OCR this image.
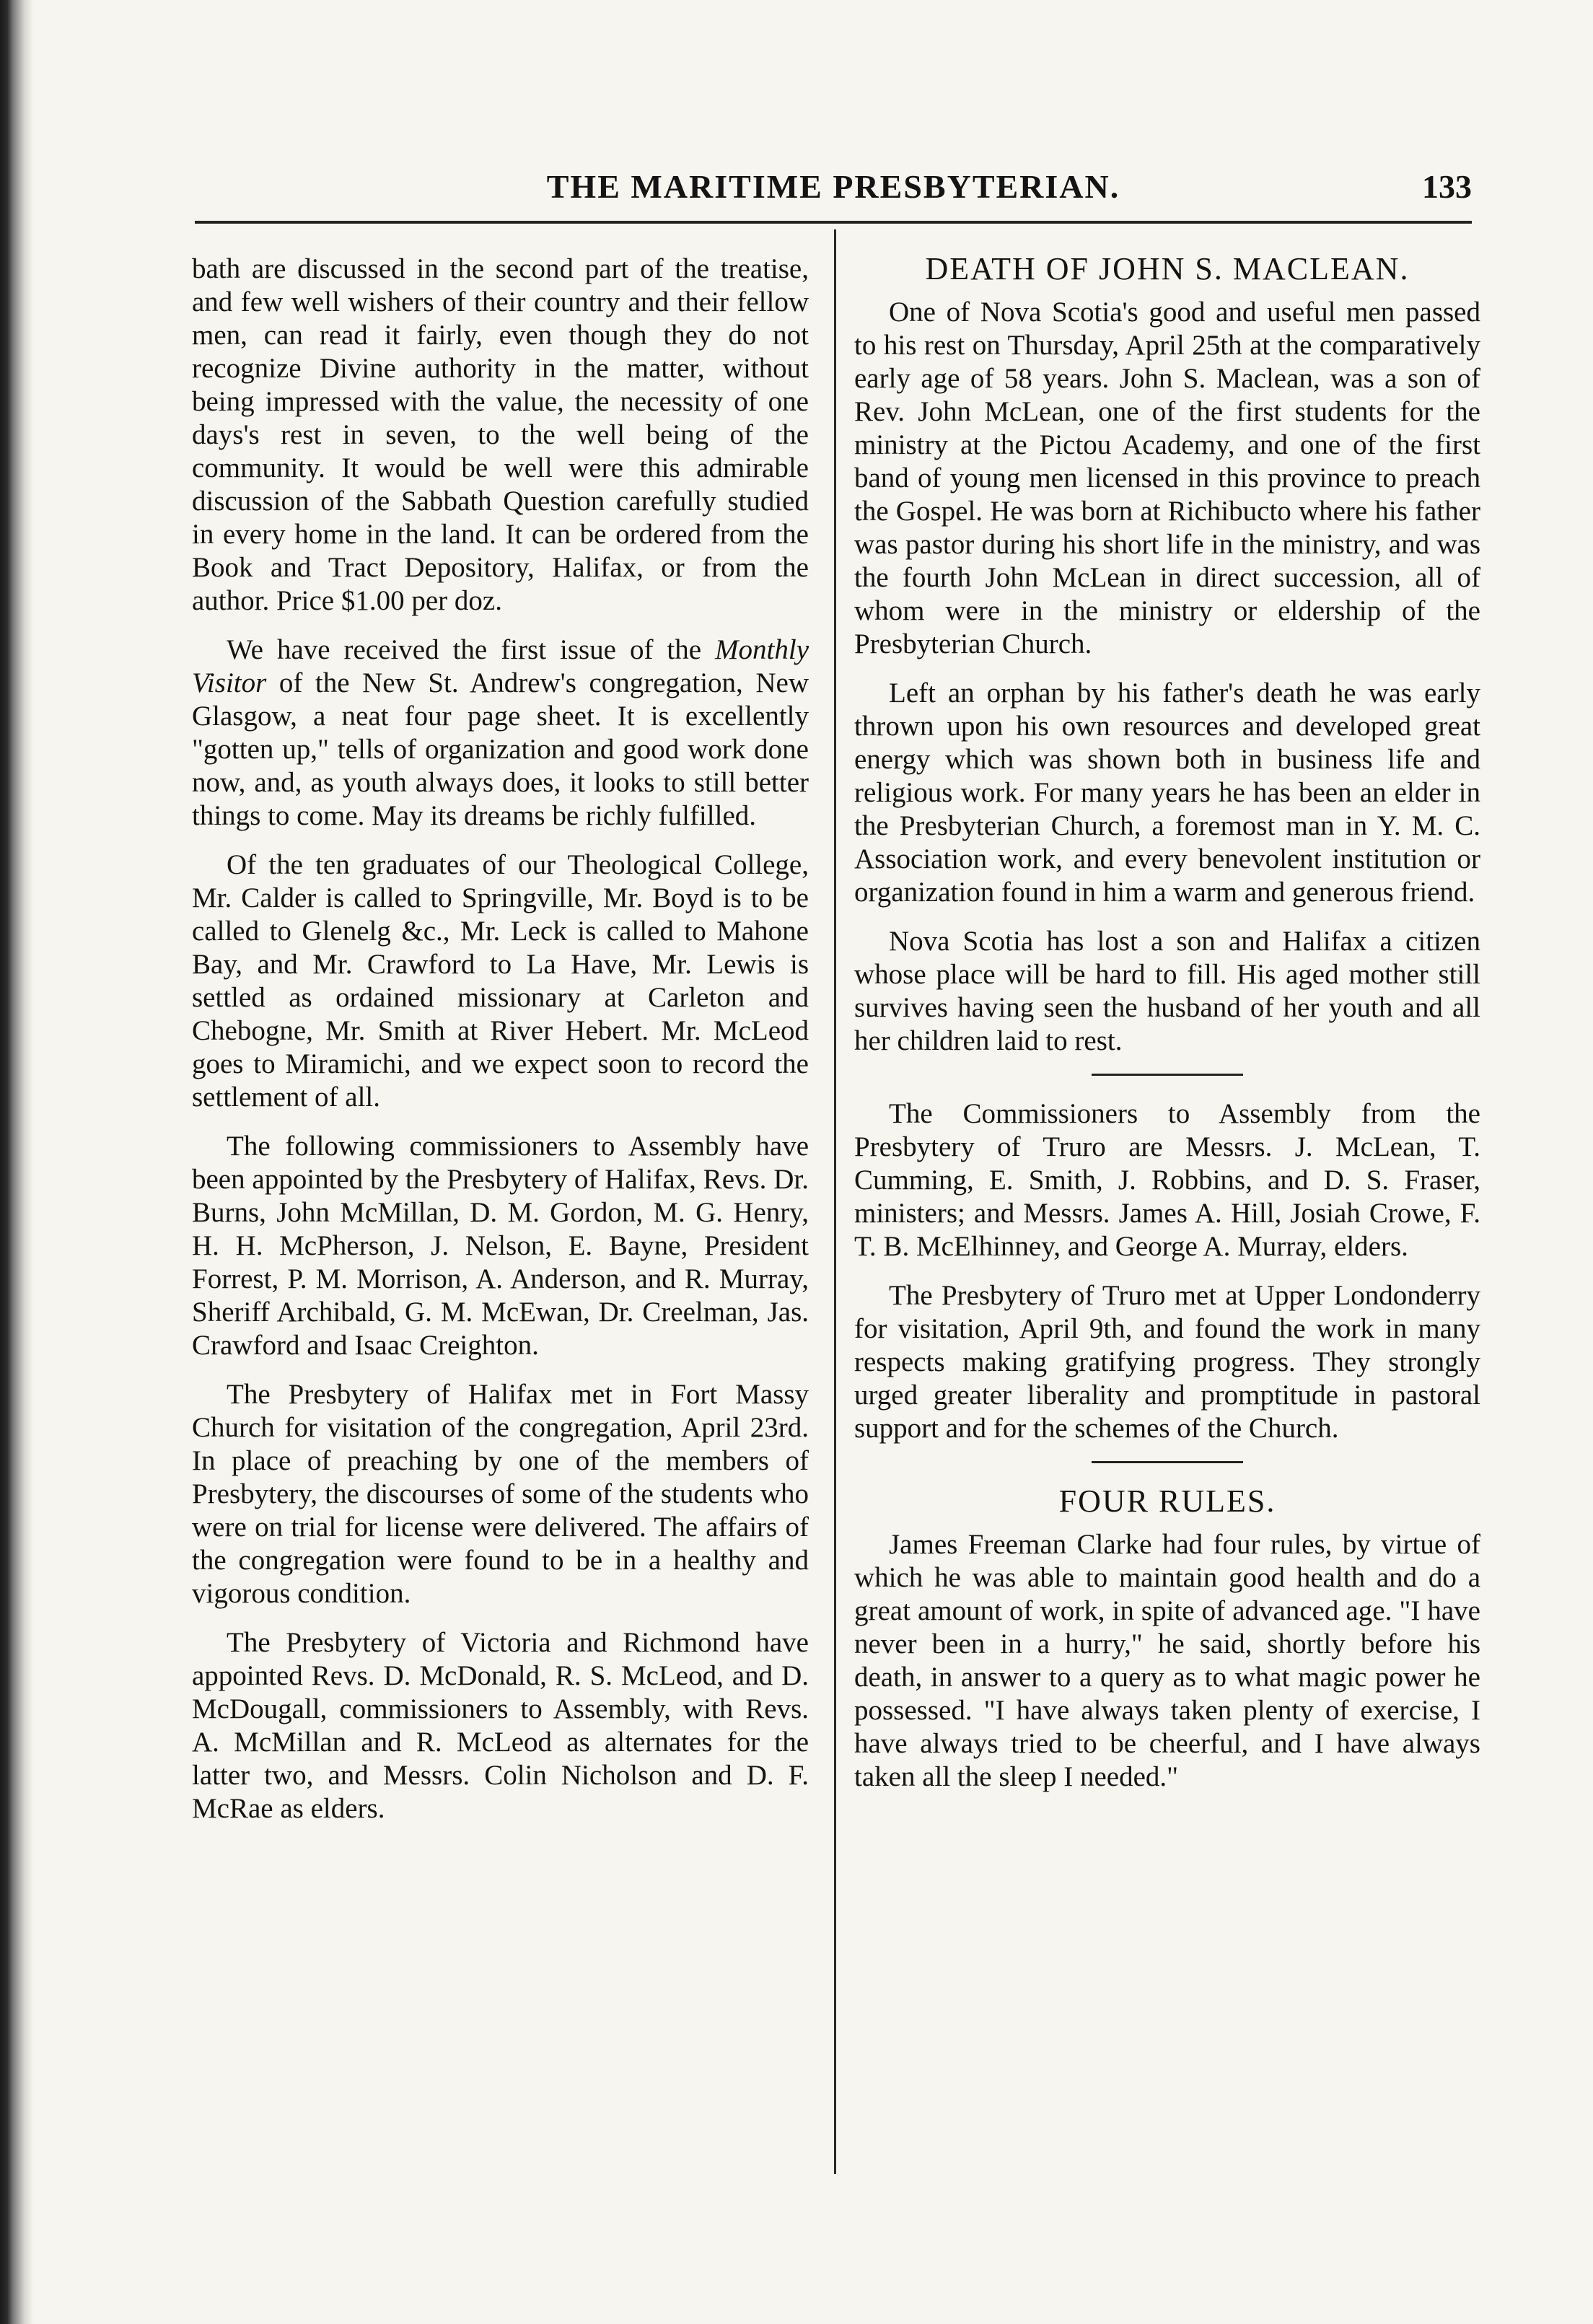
THE MARITIME PRESBYTERIAN.	133

bath are discussed in the second part of the treatise, and few well wishers of their country and their fellow men, can read it fairly, even though they do not recognize Divine authority in the matter, without being impressed with the value, the necessity of one days's rest in seven, to the well being of the community. It would be well were this admirable discussion of the Sabbath Question carefully studied in every home in the land. It can be ordered from the Book and Tract Depository, Halifax, or from the author. Price $1.00 per doz.

We have received the first issue of the Monthly Visitor of the New St. Andrew's congregation, New Glasgow, a neat four page sheet. It is excellently "gotten up," tells of organization and good work done now, and, as youth always does, it looks to still better things to come. May its dreams be richly fulfilled.

Of the ten graduates of our Theological College, Mr. Calder is called to Springville, Mr. Boyd is to be called to Glenelg &c., Mr. Leck is called to Mahone Bay, and Mr. Crawford to La Have, Mr. Lewis is settled as ordained missionary at Carleton and Chebogne, Mr. Smith at River Hebert. Mr. McLeod goes to Miramichi, and we expect soon to record the settlement of all.

The following commissioners to Assembly have been appointed by the Presbytery of Halifax, Revs. Dr. Burns, John McMillan, D. M. Gordon, M. G. Henry, H. H. McPherson, J. Nelson, E. Bayne, President Forrest, P. M. Morrison, A. Anderson, and R. Murray, Sheriff Archibald, G. M. McEwan, Dr. Creelman, Jas. Crawford and Isaac Creighton.

The Presbytery of Halifax met in Fort Massy Church for visitation of the congregation, April 23rd. In place of preaching by one of the members of Presbytery, the discourses of some of the students who were on trial for license were delivered. The affairs of the congregation were found to be in a healthy and vigorous condition.

The Presbytery of Victoria and Richmond have appointed Revs. D. McDonald, R. S. McLeod, and D. McDougall, commissioners to Assembly, with Revs. A. McMillan and R. McLeod as alternates for the latter two, and Messrs. Colin Nicholson and D. F. McRae as elders.

DEATH OF JOHN S. MACLEAN.

One of Nova Scotia's good and useful men passed to his rest on Thursday, April 25th at the comparatively early age of 58 years. John S. Maclean, was a son of Rev. John McLean, one of the first students for the ministry at the Pictou Academy, and one of the first band of young men licensed in this province to preach the Gospel. He was born at Richibucto where his father was pastor during his short life in the ministry, and was the fourth John McLean in direct succession, all of whom were in the ministry or eldership of the Presbyterian Church.

Left an orphan by his father's death he was early thrown upon his own resources and developed great energy which was shown both in business life and religious work. For many years he has been an elder in the Presbyterian Church, a foremost man in Y. M. C. Association work, and every benevolent institution or organization found in him a warm and generous friend.

Nova Scotia has lost a son and Halifax a citizen whose place will be hard to fill. His aged mother still survives having seen the husband of her youth and all her children laid to rest.

The Commissioners to Assembly from the Presbytery of Truro are Messrs. J. McLean, T. Cumming, E. Smith, J. Robbins, and D. S. Fraser, ministers; and Messrs. James A. Hill, Josiah Crowe, F. T. B. McElhinney, and George A. Murray, elders.

The Presbytery of Truro met at Upper Londonderry for visitation, April 9th, and found the work in many respects making gratifying progress. They strongly urged greater liberality and promptitude in pastoral support and for the schemes of the Church.

FOUR RULES.

James Freeman Clarke had four rules, by virtue of which he was able to maintain good health and do a great amount of work, in spite of advanced age. "I have never been in a hurry," he said, shortly before his death, in answer to a query as to what magic power he possessed. "I have always taken plenty of exercise, I have always tried to be cheerful, and I have always taken all the sleep I needed."
